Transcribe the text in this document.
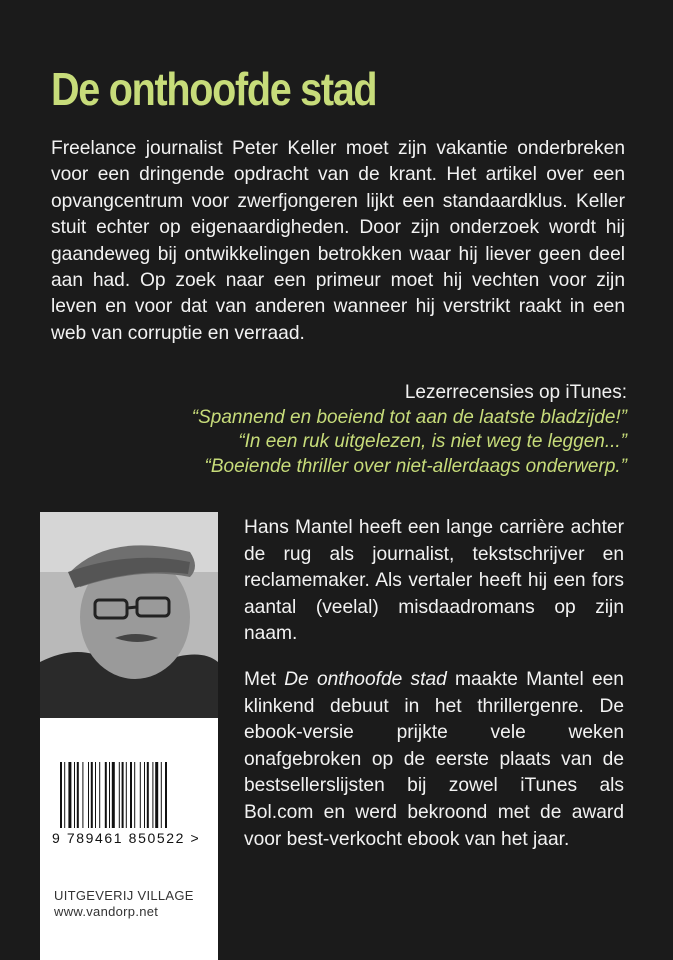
De onthoofde stad
Freelance journalist Peter Keller moet zijn vakantie onderbreken voor een dringende opdracht van de krant. Het artikel over een opvangcentrum voor zwerfjongeren lijkt een standaardklus. Keller stuit echter op eigenaardigheden. Door zijn onderzoek wordt hij gaandeweg bij ontwikkelingen betrokken waar hij liever geen deel aan had. Op zoek naar een primeur moet hij vechten voor zijn leven en voor dat van anderen wanneer hij verstrikt raakt in een web van corruptie en verraad.
Lezerrecensies op iTunes:
“Spannend en boeiend tot aan de laatste bladzijde!”
“In een ruk uitgelezen, is niet weg te leggen...”
“Boeiende thriller over niet-allerdaags onderwerp.”

Hans Mantel heeft een lange carrière achter de rug als journalist, tekstschrijver en reclamemaker. Als vertaler heeft hij een fors aantal (veelal) misdaadromans op zijn naam.

Met De onthoofde stad maakte Mantel een klinkend debuut in het thrillergenre. De ebook-versie prijkte vele weken onafgebroken op de eerste plaats van de bestsellerslijsten bij zowel iTunes als Bol.com en werd bekroond met de award voor best-verkocht ebook van het jaar.

9 789461 850522 >
UITGEVERIJ VILLAGE
www.vandorp.net
